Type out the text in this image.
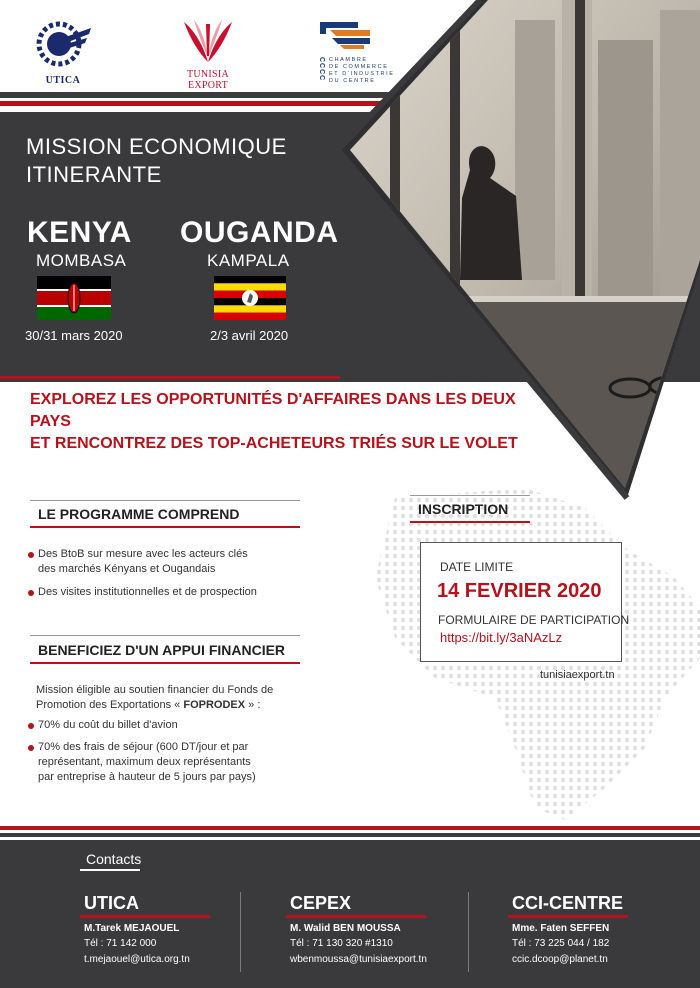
UTICA
TUNISIA EXPORT
CCCC CHAMBRE
DE COMMERCE
ET D'INDUSTRIE
DU CENTRE
MISSION ECONOMIQUE
ITINERANTE
KENYA
MOMBASA
30/31 mars 2020
OUGANDA
KAMPALA
2/3 avril 2020
EXPLOREZ LES OPPORTUNITÉS D'AFFAIRES DANS LES DEUX PAYS
ET RENCONTREZ DES TOP-ACHETEURS TRIÉS SUR LE VOLET
LE PROGRAMME COMPREND
Des BtoB sur mesure avec les acteurs clés
des marchés Kényans et Ougandais
Des visites institutionnelles et de prospection
BENEFICIEZ D'UN APPUI FINANCIER
Mission éligible au soutien financier du Fonds de
Promotion des Exportations « FOPRODEX » :
70% du coût du billet d'avion
70% des frais de séjour (600 DT/jour et par
représentant, maximum deux représentants
par entreprise à hauteur de 5 jours par pays)
INSCRIPTION
DATE LIMITE
14 FEVRIER 2020
FORMULAIRE DE PARTICIPATION
https://bit.ly/3aNAzLz
tunisiaexport.tn
Contacts
UTICA
M.Tarek MEJAOUEL
Tél : 71 142 000
t.mejaouel@utica.org.tn
CEPEX
M. Walid BEN MOUSSA
Tél : 71 130 320 #1310
wbenmoussa@tunisiaexport.tn
CCI-CENTRE
Mme. Faten SEFFEN
Tél : 73 225 044 / 182
ccic.dcoop@planet.tn
